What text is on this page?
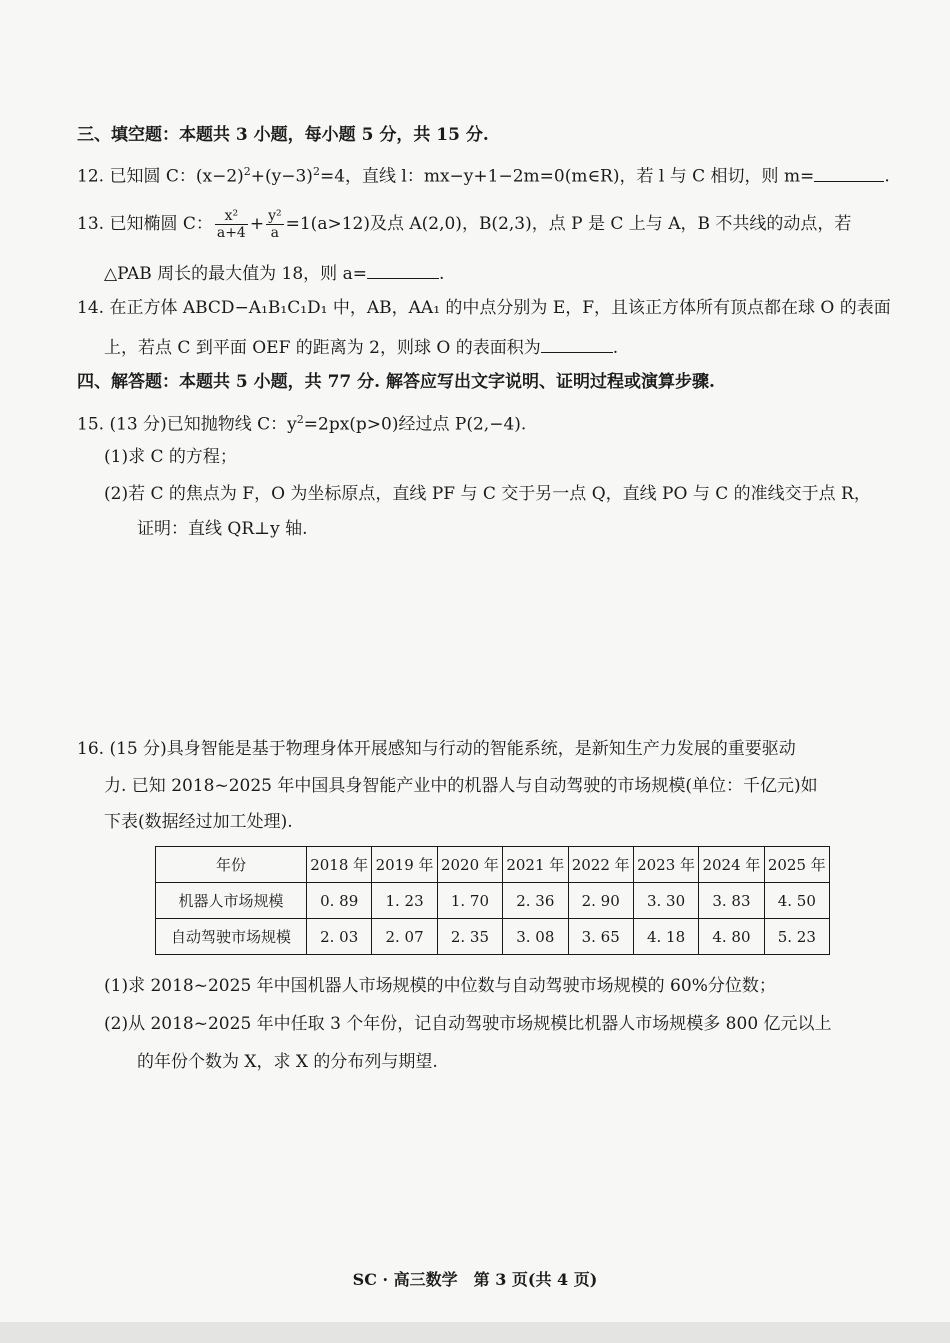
三、填空题：本题共 3 小题，每小题 5 分，共 15 分.
12. 已知圆 C：$(x-2)^2+(y-3)^2=4$，直线 l：mx−y+1−2m=0(m∈R)，若 l 与 C 相切，则 m=	.
13. 已知椭圆 C： $\frac{\text{x²}}{a+4} + \frac{\text{y²}}{a} =1(a>12)$及点 A(2,0)，B(2,3)，点 P 是 C 上与 A，B 不共线的动点，若
△PAB 周长的最大值为 18，则 a=	.
14. 在正方体 ABCD−A₁B₁C₁D₁ 中，AB，AA₁ 的中点分别为 E，F，且该正方体所有顶点都在球 O 的表面
上，若点 C 到平面 OEF 的距离为 2，则球 O 的表面积为	.
四、解答题：本题共 5 小题，共 77 分. 解答应写出文字说明、证明过程或演算步骤.
15. (13 分)已知抛物线 C：$y^2=2px(p>0)$经过点 P(2,−4).
(1)求 C 的方程；
(2)若 C 的焦点为 F，O 为坐标原点，直线 PF 与 C 交于另一点 Q，直线 PO 与 C 的准线交于点 R，
证明：直线 QR⊥y 轴.
16. (15 分)具身智能是基于物理身体开展感知与行动的智能系统，是新知生产力发展的重要驱动
力. 已知 2018~2025 年中国具身智能产业中的机器人与自动驾驶的市场规模(单位：千亿元)如
下表(数据经过加工处理).
年份	2018 年	2019 年	2020 年	2021 年	2022 年	2023 年	2024 年	2025 年
机器人市场规模	0. 89	1. 23	1. 70	2. 36	2. 90	3. 30	3. 83	4. 50
自动驾驶市场规模	2. 03	2. 07	2. 35	3. 08	3. 65	4. 18	4. 80	5. 23
(1)求 2018~2025 年中国机器人市场规模的中位数与自动驾驶市场规模的 60%分位数；
(2)从 2018~2025 年中任取 3 个年份，记自动驾驶市场规模比机器人市场规模多 800 亿元以上
的年份个数为 X，求 X 的分布列与期望.
SC · 高三数学　第 3 页(共 4 页)
